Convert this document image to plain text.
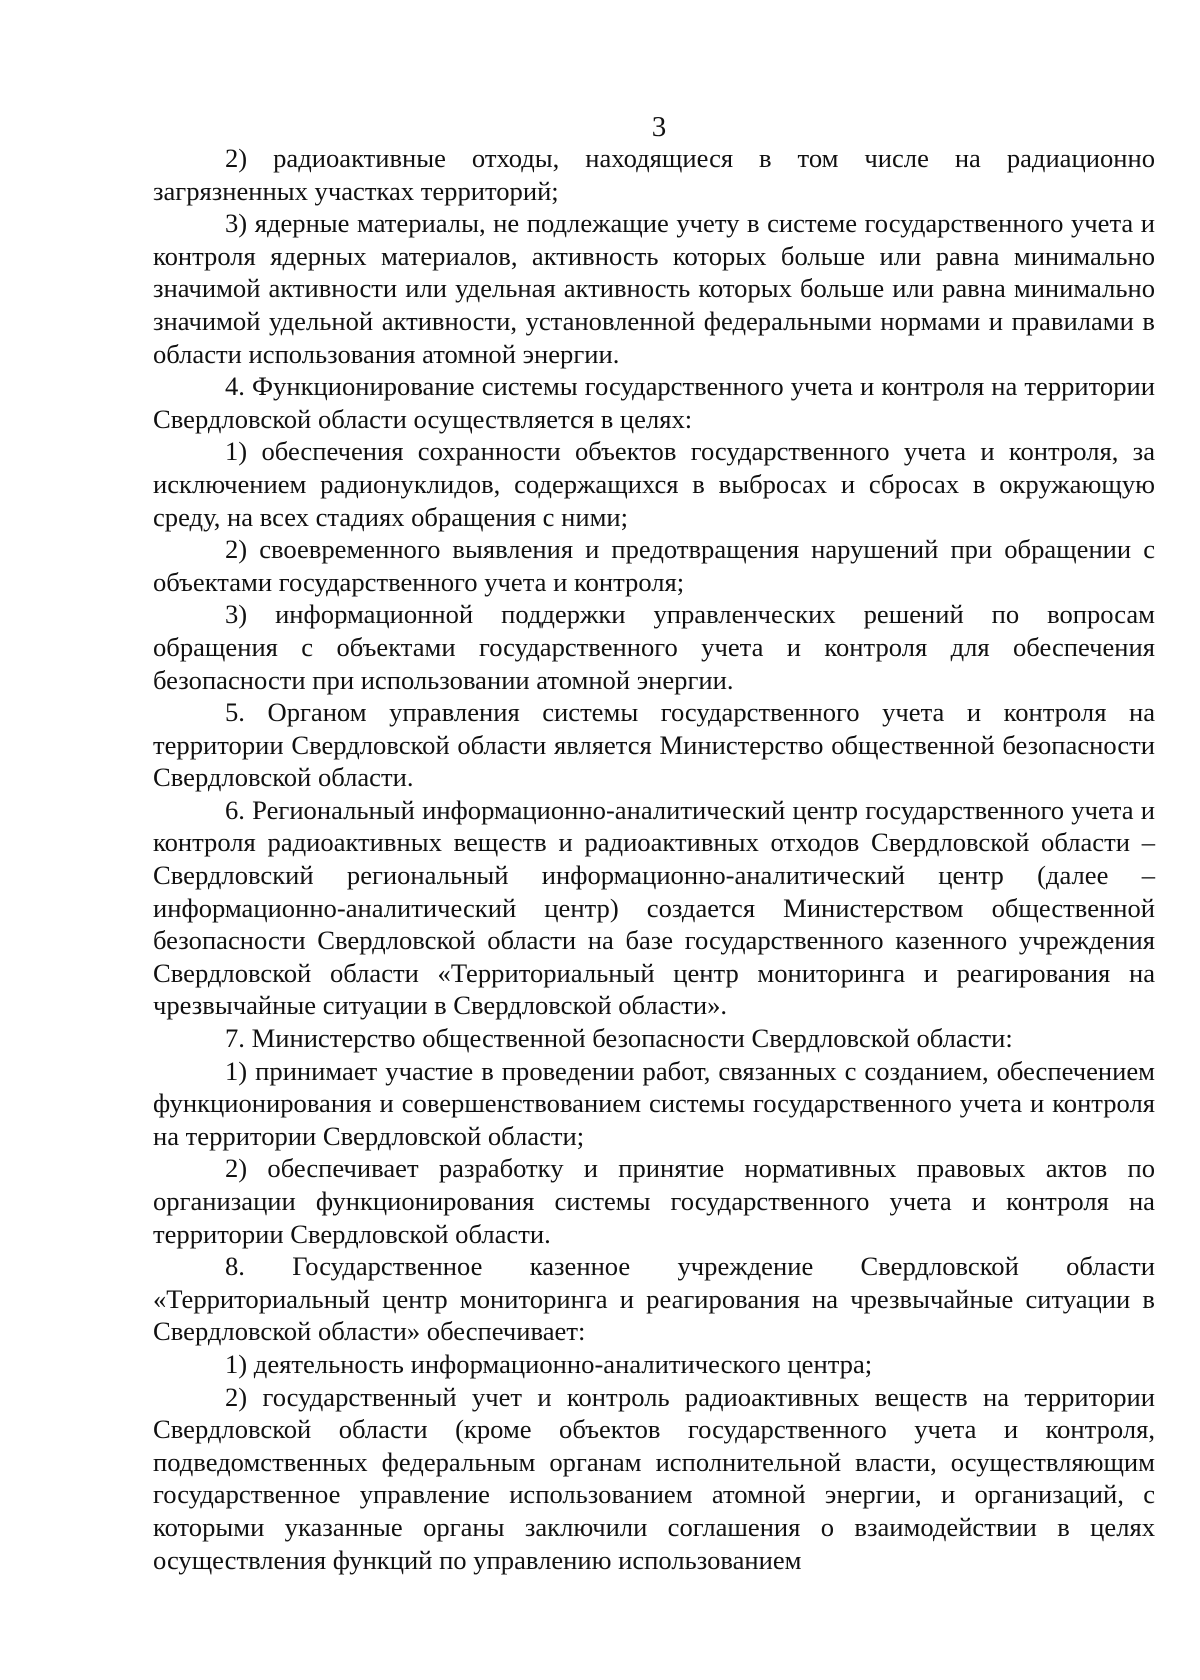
3

2) радиоактивные отходы, находящиеся в том числе на радиационно загрязненных участках территорий;

3) ядерные материалы, не подлежащие учету в системе государственного учета и контроля ядерных материалов, активность которых больше или равна минимально значимой активности или удельная активность которых больше или равна минимально значимой удельной активности, установленной федеральными нормами и правилами в области использования атомной энергии.

4. Функционирование системы государственного учета и контроля на территории Свердловской области осуществляется в целях:

1) обеспечения сохранности объектов государственного учета и контроля, за исключением радионуклидов, содержащихся в выбросах и сбросах в окружающую среду, на всех стадиях обращения с ними;

2) своевременного выявления и предотвращения нарушений при обращении с объектами государственного учета и контроля;

3) информационной поддержки управленческих решений по вопросам обращения с объектами государственного учета и контроля для обеспечения безопасности при использовании атомной энергии.

5. Органом управления системы государственного учета и контроля на территории Свердловской области является Министерство общественной безопасности Свердловской области.

6. Региональный информационно-аналитический центр государственного учета и контроля радиоактивных веществ и радиоактивных отходов Свердловской области – Свердловский региональный информационно-аналитический центр (далее – информационно-аналитический центр) создается Министерством общественной безопасности Свердловской области на базе государственного казенного учреждения Свердловской области «Территориальный центр мониторинга и реагирования на чрезвычайные ситуации в Свердловской области».

7. Министерство общественной безопасности Свердловской области:

1) принимает участие в проведении работ, связанных с созданием, обеспечением функционирования и совершенствованием системы государственного учета и контроля на территории Свердловской области;

2) обеспечивает разработку и принятие нормативных правовых актов по организации функционирования системы государственного учета и контроля на территории Свердловской области.

8. Государственное казенное учреждение Свердловской области «Территориальный центр мониторинга и реагирования на чрезвычайные ситуации в Свердловской области» обеспечивает:

1) деятельность информационно-аналитического центра;

2) государственный учет и контроль радиоактивных веществ на территории Свердловской области (кроме объектов государственного учета и контроля, подведомственных федеральным органам исполнительной власти, осуществляющим государственное управление использованием атомной энергии, и организаций, с которыми указанные органы заключили соглашения о взаимодействии в целях осуществления функций по управлению использованием
